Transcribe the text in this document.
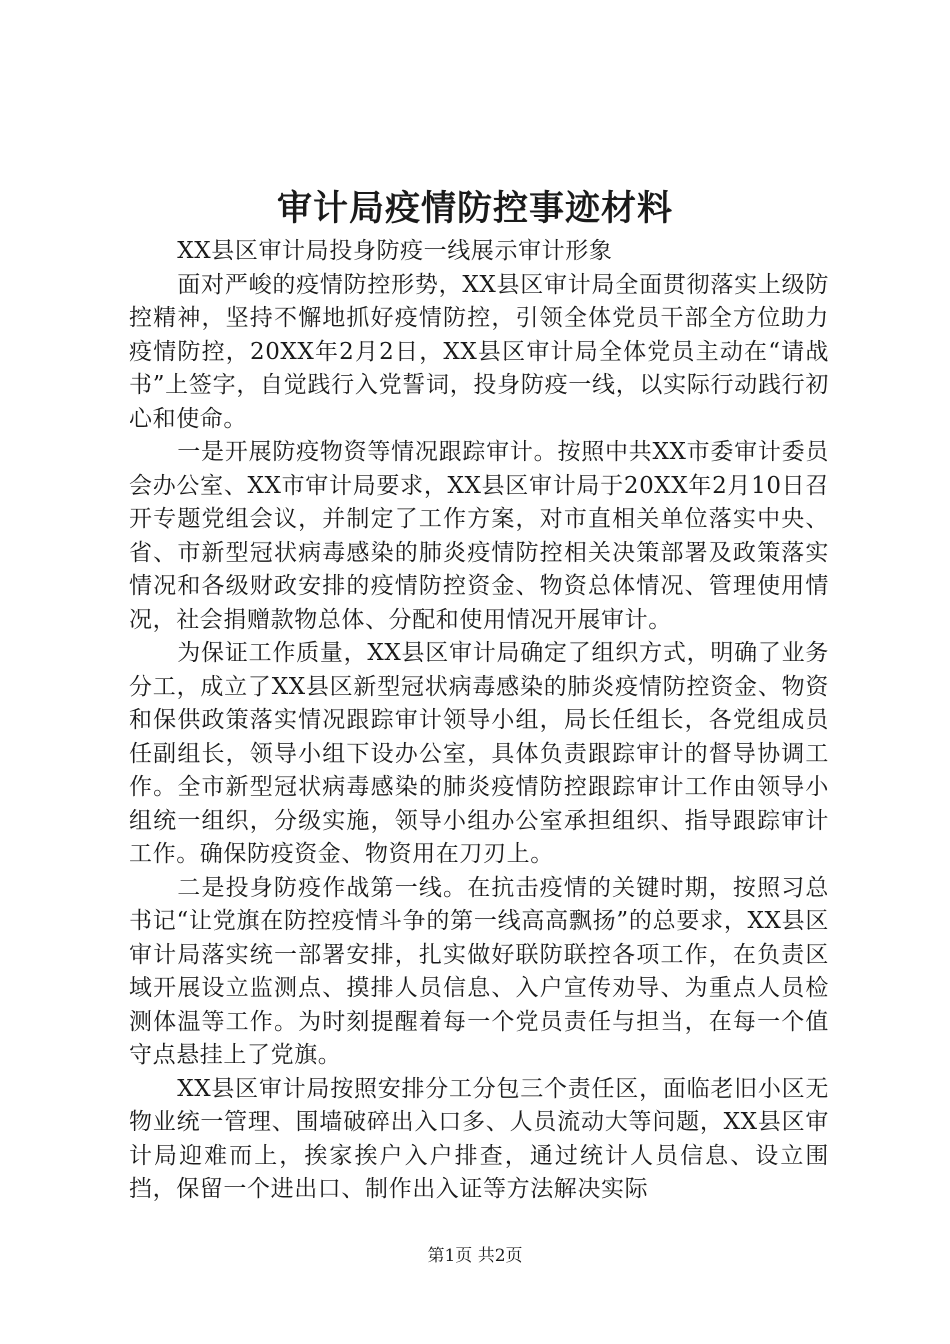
审计局疫情防控事迹材料

XX县区审计局投身防疫一线展示审计形象

面对严峻的疫情防控形势，XX县区审计局全面贯彻落实上级防控精神，坚持不懈地抓好疫情防控，引领全体党员干部全方位助力疫情防控，20XX年2月2日，XX县区审计局全体党员主动在“请战书”上签字，自觉践行入党誓词，投身防疫一线，以实际行动践行初心和使命。

一是开展防疫物资等情况跟踪审计。按照中共XX市委审计委员会办公室、XX市审计局要求，XX县区审计局于20XX年2月10日召开专题党组会议，并制定了工作方案，对市直相关单位落实中央、省、市新型冠状病毒感染的肺炎疫情防控相关决策部署及政策落实情况和各级财政安排的疫情防控资金、物资总体情况、管理使用情况，社会捐赠款物总体、分配和使用情况开展审计。

为保证工作质量，XX县区审计局确定了组织方式，明确了业务分工，成立了XX县区新型冠状病毒感染的肺炎疫情防控资金、物资和保供政策落实情况跟踪审计领导小组，局长任组长，各党组成员任副组长，领导小组下设办公室，具体负责跟踪审计的督导协调工作。全市新型冠状病毒感染的肺炎疫情防控跟踪审计工作由领导小组统一组织，分级实施，领导小组办公室承担组织、指导跟踪审计工作。确保防疫资金、物资用在刀刃上。

二是投身防疫作战第一线。在抗击疫情的关键时期，按照习总书记“让党旗在防控疫情斗争的第一线高高飘扬”的总要求，XX县区审计局落实统一部署安排，扎实做好联防联控各项工作，在负责区域开展设立监测点、摸排人员信息、入户宣传劝导、为重点人员检测体温等工作。为时刻提醒着每一个党员责任与担当，在每一个值守点悬挂上了党旗。

XX县区审计局按照安排分工分包三个责任区，面临老旧小区无物业统一管理、围墙破碎出入口多、人员流动大等问题，XX县区审计局迎难而上，挨家挨户入户排查，通过统计人员信息、设立围挡，保留一个进出口、制作出入证等方法解决实际

第1页 共2页
